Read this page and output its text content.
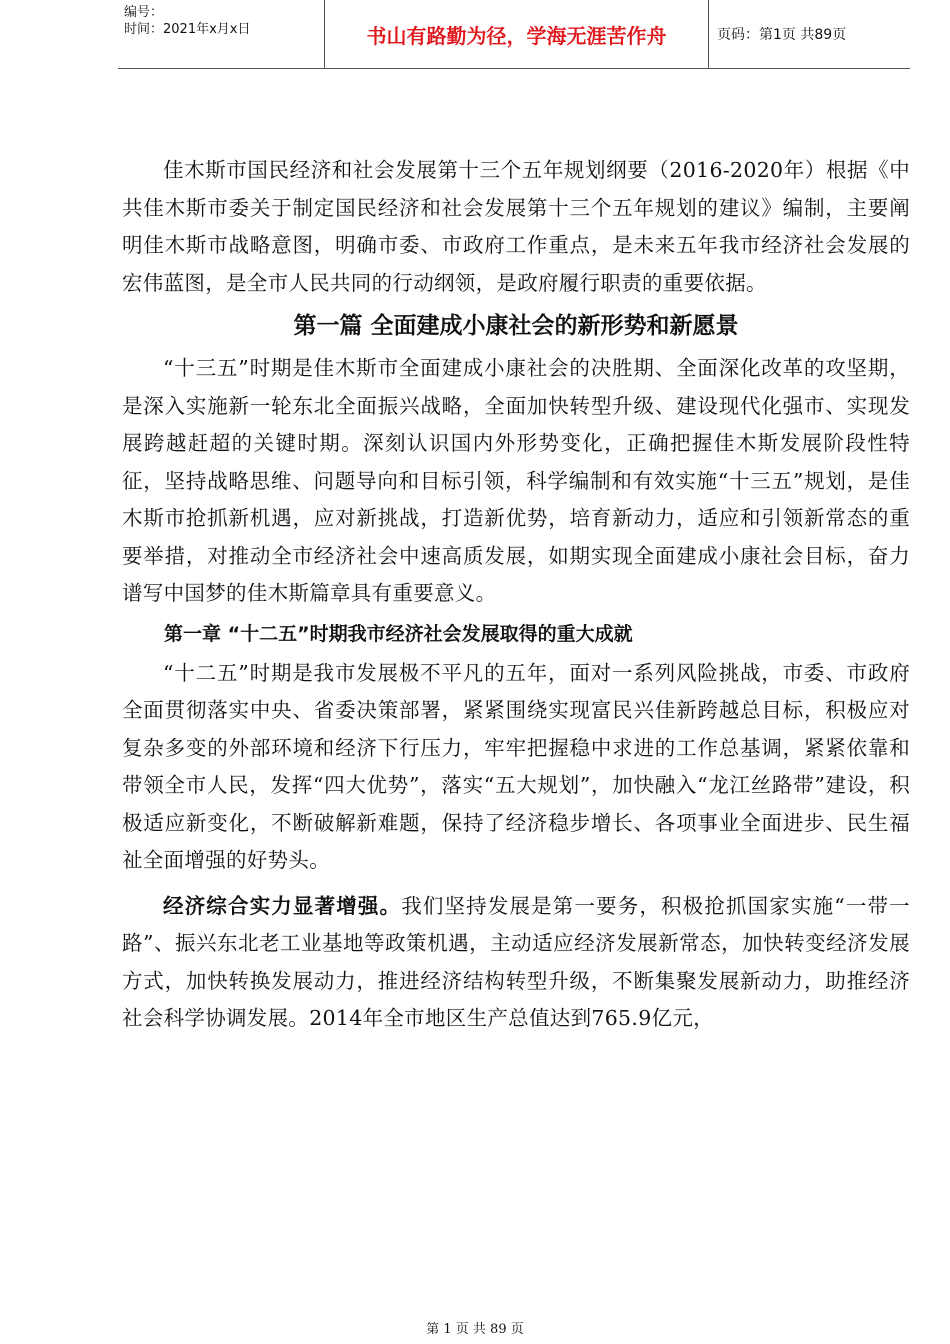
编号：
时间：2021年x月x日	书山有路勤为径，学海无涯苦作舟	页码：第1页 共89页

佳木斯市国民经济和社会发展第十三个五年规划纲要（2016-2020年）根据《中共佳木斯市委关于制定国民经济和社会发展第十三个五年规划的建议》编制，主要阐明佳木斯市战略意图，明确市委、市政府工作重点，是未来五年我市经济社会发展的宏伟蓝图，是全市人民共同的行动纲领，是政府履行职责的重要依据。

第一篇 全面建成小康社会的新形势和新愿景

“十三五”时期是佳木斯市全面建成小康社会的决胜期、全面深化改革的攻坚期，是深入实施新一轮东北全面振兴战略，全面加快转型升级、建设现代化强市、实现发展跨越赶超的关键时期。深刻认识国内外形势变化，正确把握佳木斯发展阶段性特征，坚持战略思维、问题导向和目标引领，科学编制和有效实施“十三五”规划，是佳木斯市抢抓新机遇，应对新挑战，打造新优势，培育新动力，适应和引领新常态的重要举措，对推动全市经济社会中速高质发展，如期实现全面建成小康社会目标，奋力谱写中国梦的佳木斯篇章具有重要意义。

第一章 “十二五”时期我市经济社会发展取得的重大成就

“十二五”时期是我市发展极不平凡的五年，面对一系列风险挑战，市委、市政府全面贯彻落实中央、省委决策部署，紧紧围绕实现富民兴佳新跨越总目标，积极应对复杂多变的外部环境和经济下行压力，牢牢把握稳中求进的工作总基调，紧紧依靠和带领全市人民，发挥“四大优势”，落实“五大规划”，加快融入“龙江丝路带”建设，积极适应新变化，不断破解新难题，保持了经济稳步增长、各项事业全面进步、民生福祉全面增强的好势头。

经济综合实力显著增强。我们坚持发展是第一要务，积极抢抓国家实施“一带一路”、振兴东北老工业基地等政策机遇，主动适应经济发展新常态，加快转变经济发展方式，加快转换发展动力，推进经济结构转型升级，不断集聚发展新动力，助推经济社会科学协调发展。2014年全市地区生产总值达到765.9亿元，

第 1 页 共 89 页
